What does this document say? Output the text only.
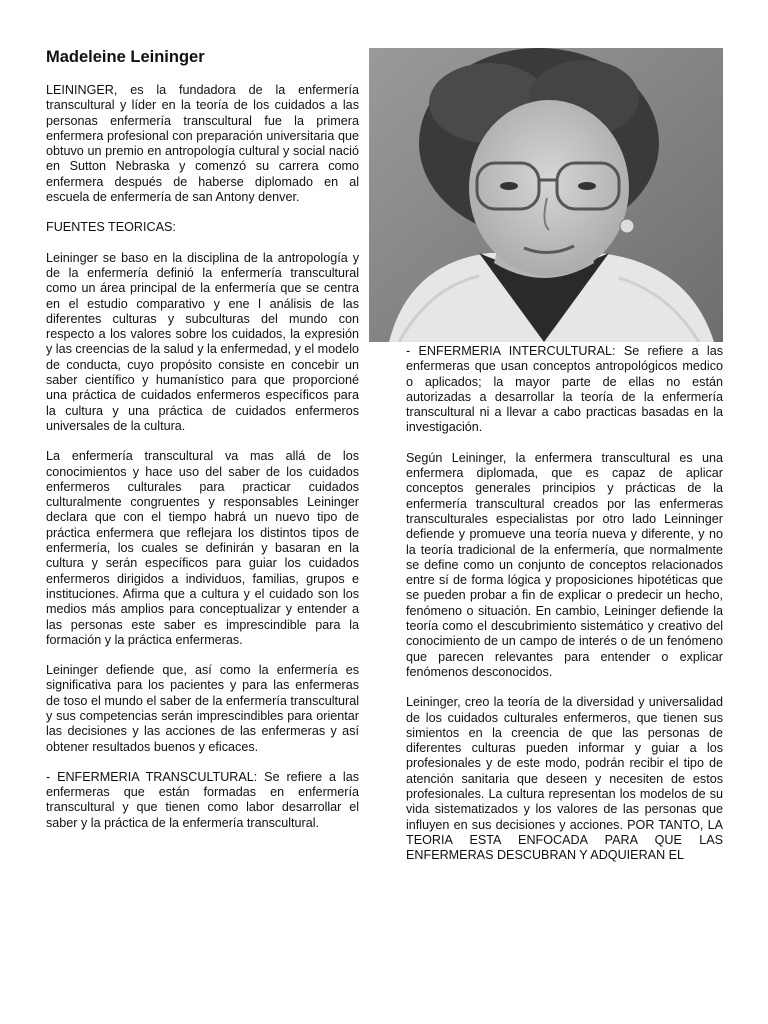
Madeleine Leininger

LEININGER, es la fundadora de la enfermería transcultural y líder en la teoría de los cuidados a las personas enfermería transcultural fue la primera enfermera profesional con preparación universitaria que obtuvo un premio en antropología cultural y social nació en Sutton Nebraska y comenzó su carrera como enfermera después de haberse diplomado en al escuela de enfermería de san Antony denver.

FUENTES TEORICAS:

Leininger se baso en la disciplina de la antropología y de la enfermería definió la enfermería transcultural como un área principal de la enfermería que se centra en el estudio comparativo y ene l análisis de las diferentes culturas y subculturas del mundo con respecto a los valores sobre los cuidados, la expresión y las creencias de la salud y la enfermedad, y el modelo de conducta, cuyo propósito consiste en concebir un saber científico y humanístico para que proporcioné una práctica de cuidados enfermeros específicos para la cultura y una práctica de cuidados enfermeros universales de la cultura.

La enfermería transcultural va mas allá de los conocimientos y hace uso del saber de los cuidados enfermeros culturales para practicar cuidados culturalmente congruentes y responsables Leininger declara que con el tiempo habrá un nuevo tipo de práctica enfermera que reflejara los distintos tipos de enfermería, los cuales se definirán y basaran en la cultura y serán específicos para guiar los cuidados enfermeros dirigidos a individuos, familias, grupos e instituciones. Afirma que a cultura y el cuidado son los medios más amplios para conceptualizar y entender a las personas este saber es imprescindible para la formación y la práctica enfermeras.

Leininger defiende que, así como la enfermería es significativa para los pacientes y para las enfermeras de toso el mundo el saber de la enfermería transcultural y sus competencias serán imprescindibles para orientar las decisiones y las acciones de las enfermeras y así obtener resultados buenos y eficaces.

- ENFERMERIA TRANSCULTURAL: Se refiere a las enfermeras que están formadas en enfermería transcultural y que tienen como labor desarrollar el saber y la práctica de la enfermería transcultural.

- ENFERMERIA INTERCULTURAL: Se refiere a las enfermeras que usan conceptos antropológicos medico o aplicados; la mayor parte de ellas no están autorizadas a desarrollar la teoría de la enfermería transcultural ni a llevar a cabo practicas basadas en la investigación.

Según Leininger, la enfermera transcultural es una enfermera diplomada, que es capaz de aplicar conceptos generales principios y prácticas de la enfermería transcultural creados por las enfermeras transculturales especialistas por otro lado Leinninger defiende y promueve una teoría nueva y diferente, y no la teoría tradicional de la enfermería, que normalmente se define como un conjunto de conceptos relacionados entre sí de forma lógica y proposiciones hipotéticas que se pueden probar a fin de explicar o predecir un hecho, fenómeno o situación. En cambio, Leininger defiende la teoría como el descubrimiento sistemático y creativo del conocimiento de un campo de interés o de un fenómeno que parecen relevantes para entender o explicar fenómenos desconocidos.

Leininger, creo la teoría de la diversidad y universalidad de los cuidados culturales enfermeros, que tienen sus simientos en la creencia de que las personas de diferentes culturas pueden informar y guiar a los profesionales y de este modo, podrán recibir el tipo de atención sanitaria que deseen y necesiten de estos profesionales. La cultura representan los modelos de su vida sistematizados y los valores de las personas que influyen en sus decisiones y acciones. POR TANTO, LA TEORIA ESTA ENFOCADA PARA QUE LAS ENFERMERAS DESCUBRAN Y ADQUIERAN EL
